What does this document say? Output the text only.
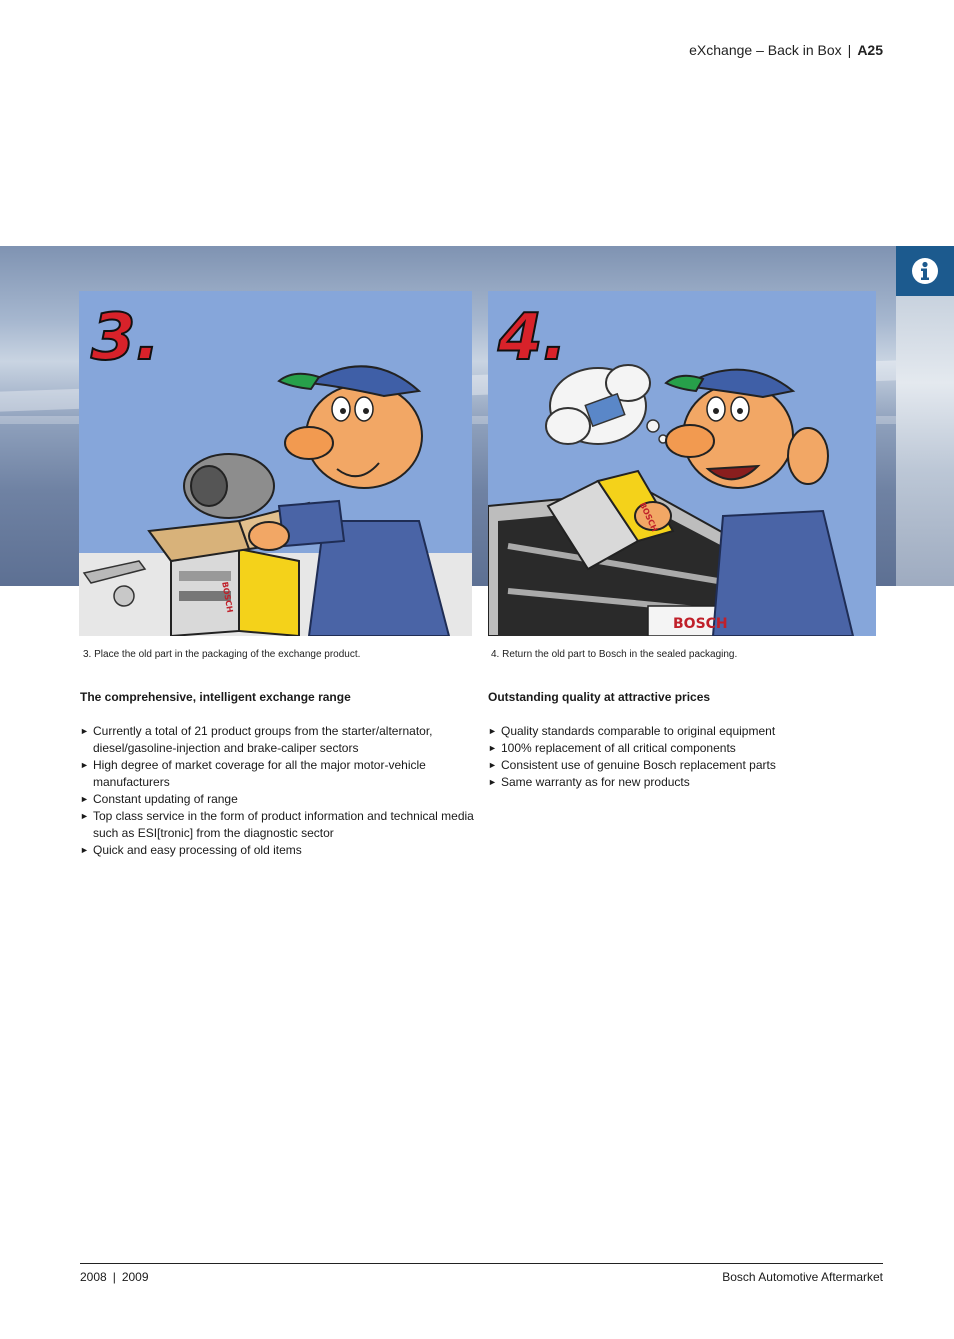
eXchange – Back in Box | A25
3.
BOSCH
4.
BOSCH
BOSCH
3. Place the old part in the packaging of the exchange product.	4. Return the old part to Bosch in the sealed packaging.
The comprehensive, intelligent exchange range	Outstanding quality at attractive prices
► Currently a total of 21 product groups from the starter/alternator, diesel/gasoline-injection and brake-caliper sectors
► High degree of market coverage for all the major motor-vehicle manufacturers
► Constant updating of range
► Top class service in the form of product information and technical media such as ESI[tronic] from the diagnostic sector
► Quick and easy processing of old items
► Quality standards comparable to original equipment
► 100% replacement of all critical components
► Consistent use of genuine Bosch replacement parts
► Same warranty as for new products
2008 | 2009	Bosch Automotive Aftermarket
